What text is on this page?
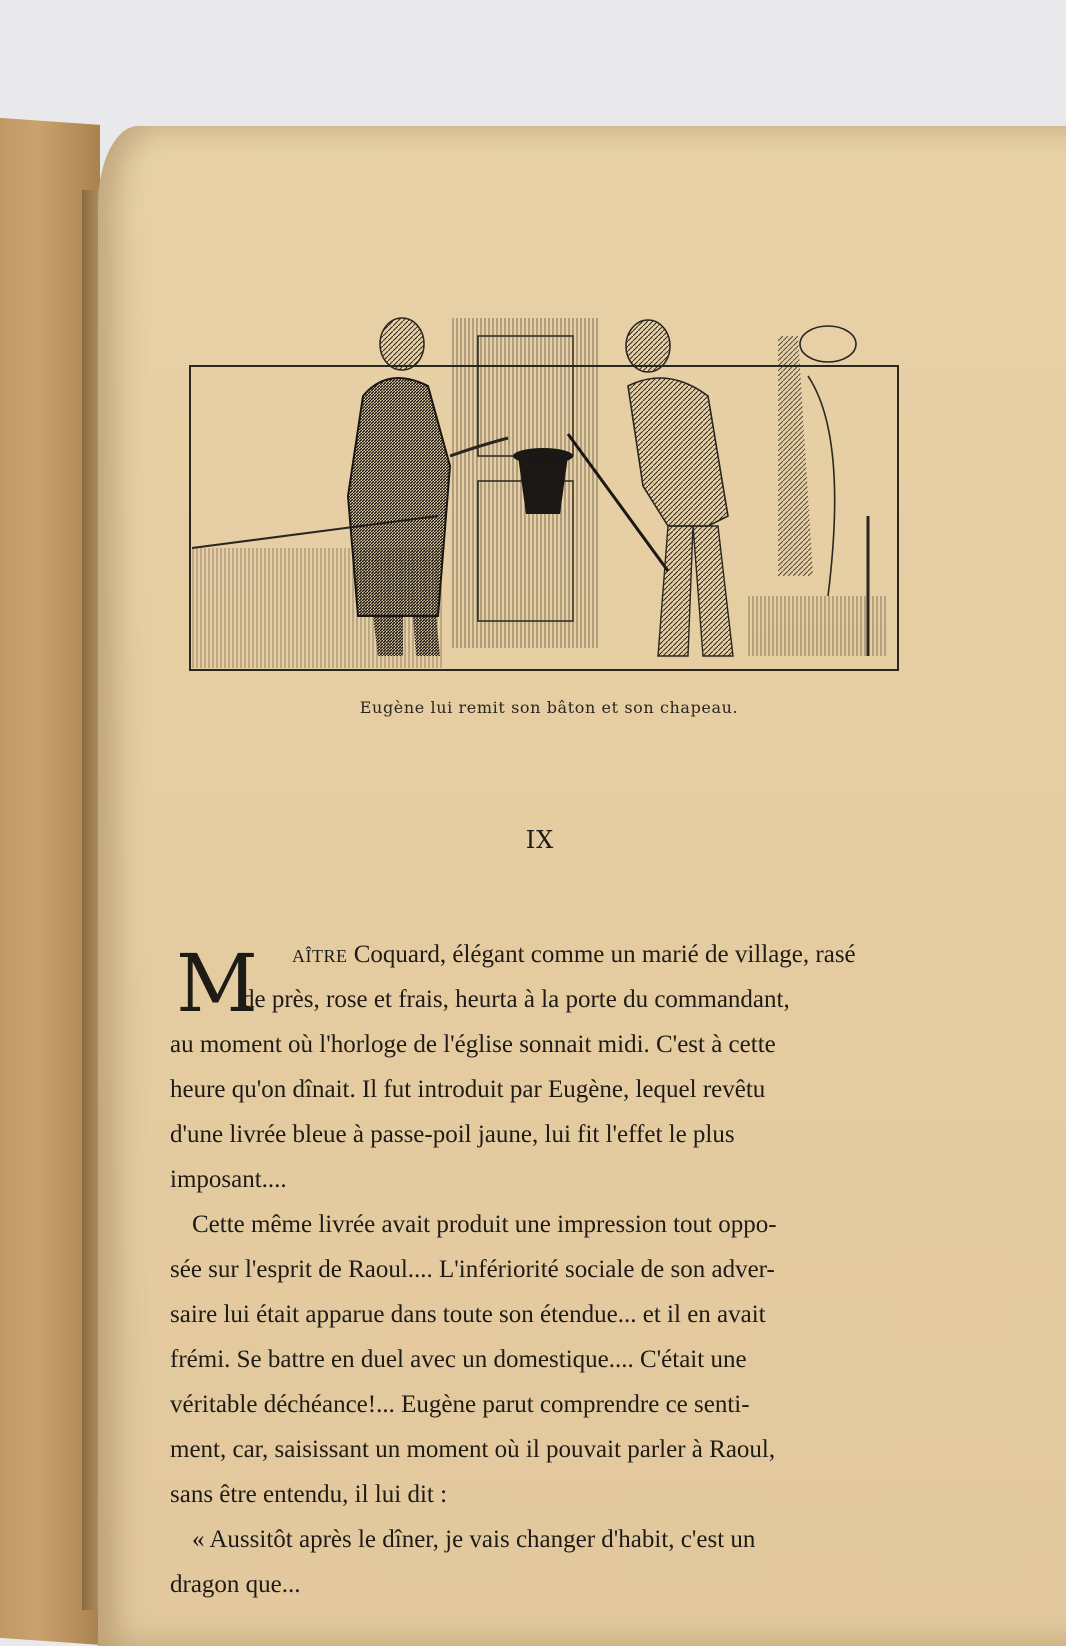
Eugène lui remit son bâton et son chapeau.
IX
M	aître Coquard, élégant comme un marié de village, rasé
de près, rose et frais, heurta à la porte du commandant,
au moment où l'horloge de l'église sonnait midi. C'est à cette
heure qu'on dînait. Il fut introduit par Eugène, lequel revêtu
d'une livrée bleue à passe-poil jaune, lui fit l'effet le plus
imposant....
Cette même livrée avait produit une impression tout oppo-
sée sur l'esprit de Raoul.... L'infériorité sociale de son adver-
saire lui était apparue dans toute son étendue... et il en avait
frémi. Se battre en duel avec un domestique.... C'était une
véritable déchéance!... Eugène parut comprendre ce senti-
ment, car, saisissant un moment où il pouvait parler à Raoul,
sans être entendu, il lui dit :
« Aussitôt après le dîner, je vais changer d'habit, c'est un
dragon que...
